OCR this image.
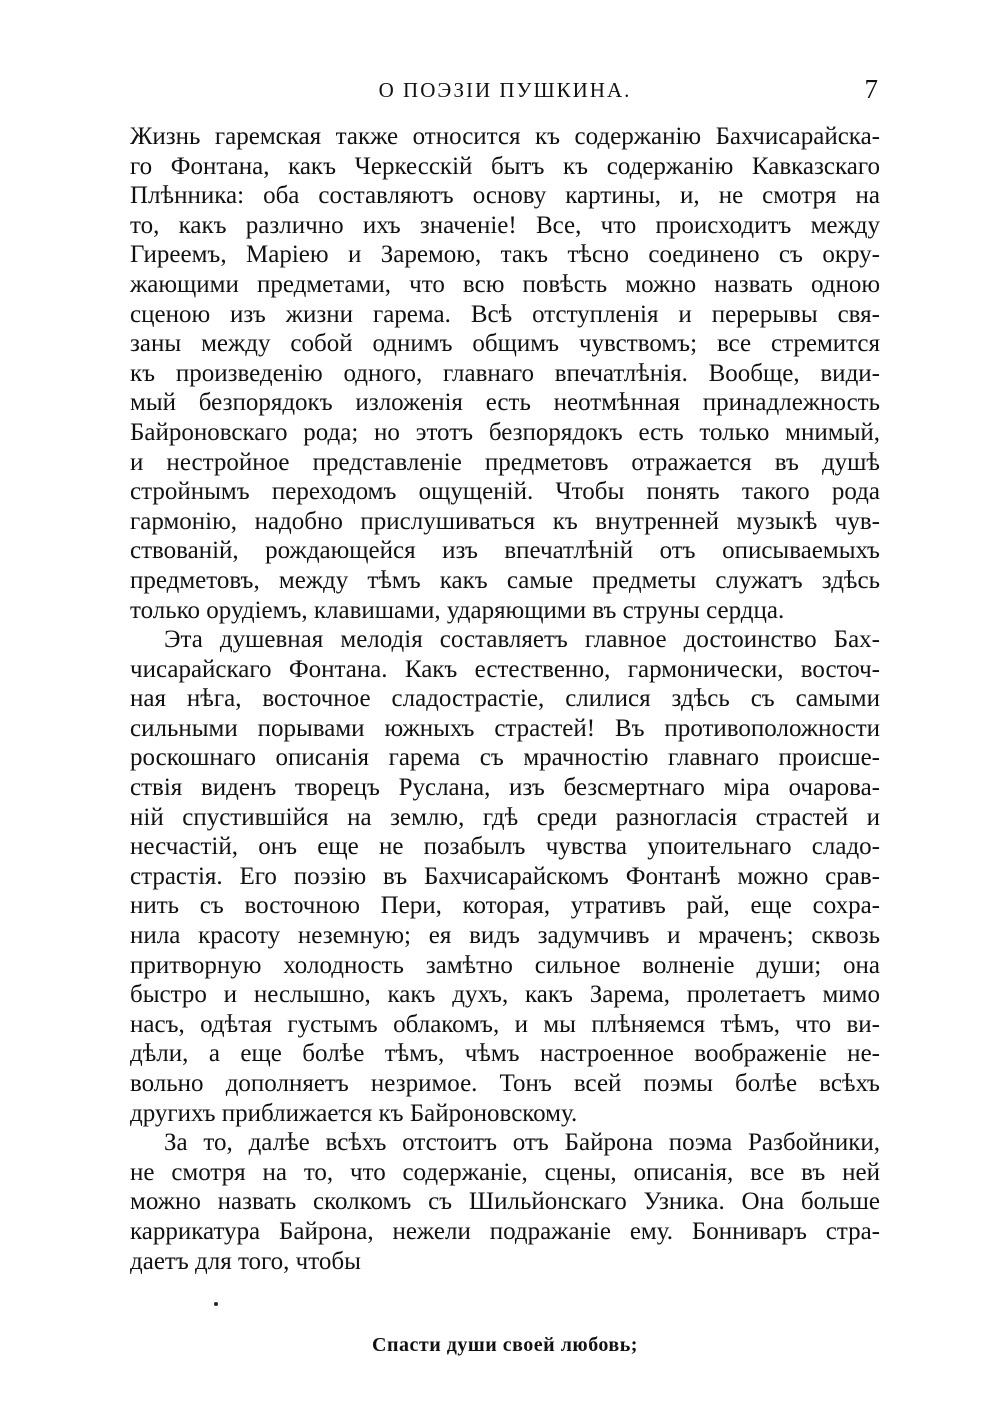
О ПОЭЗІИ ПУШКИНА.	7
Жизнь гаремская также относится къ содержанію Бахчисарайска-
го Фонтана, какъ Черкесскій бытъ къ содержанію Кавказскаго
Плѣнника: оба составляютъ основу картины, и, не смотря на
то, какъ различно ихъ значеніе! Все, что происходитъ между
Гиреемъ, Маріею и Заремою, такъ тѣсно соединено съ окру-
жающими предметами, что всю повѣсть можно назвать одною
сценою изъ жизни гарема. Всѣ отступленія и перерывы свя-
заны между собой однимъ общимъ чувствомъ; все стремится
къ произведенію одного, главнаго впечатлѣнія. Вообще, види-
мый безпорядокъ изложенія есть неотмѣнная принадлежность
Байроновскаго рода; но этотъ безпорядокъ есть только мнимый,
и нестройное представленіе предметовъ отражается въ душѣ
стройнымъ переходомъ ощущеній. Чтобы понять такого рода
гармонію, надобно прислушиваться къ внутренней музыкѣ чув-
ствованій, рождающейся изъ впечатлѣній отъ описываемыхъ
предметовъ, между тѣмъ какъ самые предметы служатъ здѣсь
только орудіемъ, клавишами, ударяющими въ струны сердца.
Эта душевная мелодія составляетъ главное достоинство Бах-
чисарайскаго Фонтана. Какъ естественно, гармонически, восточ-
ная нѣга, восточное сладострастіе, слилися здѣсь съ самыми
сильными порывами южныхъ страстей! Въ противоположности
роскошнаго описанія гарема съ мрачностію главнаго происше-
ствія виденъ творецъ Руслана, изъ безсмертнаго міра очарова-
ній спустившійся на землю, гдѣ среди разногласія страстей и
несчастій, онъ еще не позабылъ чувства упоительнаго сладо-
страстія. Его поэзію въ Бахчисарайскомъ Фонтанѣ можно срав-
нить съ восточною Пери, которая, утративъ рай, еще сохра-
нила красоту неземную; ея видъ задумчивъ и мраченъ; сквозь
притворную холодность замѣтно сильное волненіе души; она
быстро и неслышно, какъ духъ, какъ Зарема, пролетаетъ мимо
насъ, одѣтая густымъ облакомъ, и мы плѣняемся тѣмъ, что ви-
дѣли, а еще болѣе тѣмъ, чѣмъ настроенное воображеніе не-
вольно дополняетъ незримое. Тонъ всей поэмы болѣе всѣхъ
другихъ приближается къ Байроновскому.
За то, далѣе всѣхъ отстоитъ отъ Байрона поэма Разбойники,
не смотря на то, что содержаніе, сцены, описанія, все въ ней
можно назвать сколкомъ съ Шильйонскаго Узника. Она больше
каррикатура Байрона, нежели подражаніе ему. Бонниваръ стра-
даетъ для того, чтобы
Спасти души своей любовь;
